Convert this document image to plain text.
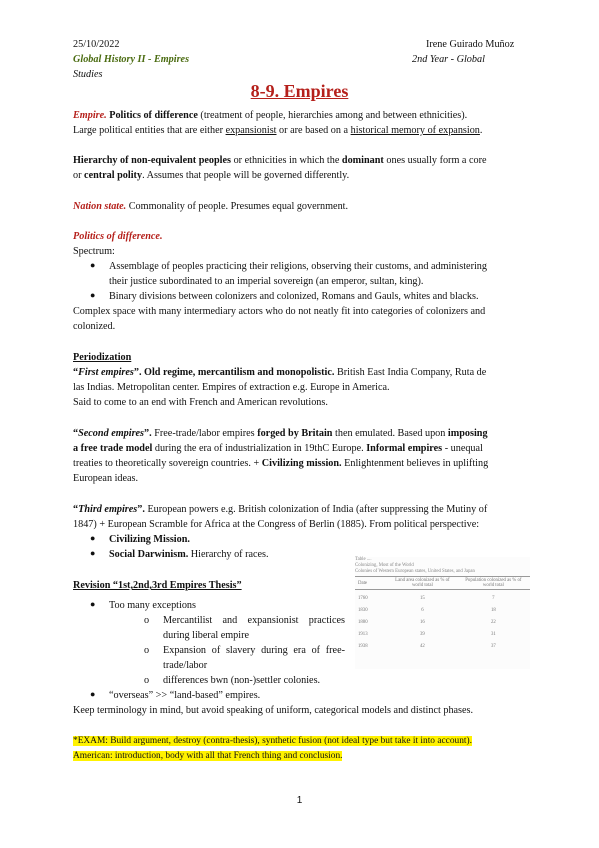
25/10/2022	Irene Guirado Muñoz
Global History II - Empires	2nd Year - Global
Studies
8-9. Empires
Empire. Politics of difference (treatment of people, hierarchies among and between ethnicities).
Large political entities that are either expansionist or are based on a historical memory of expansion.
Hierarchy of non-equivalent peoples or ethnicities in which the dominant ones usually form a core
or central polity. Assumes that people will be governed differently.
Nation state. Commonality of people. Presumes equal government.
Politics of difference.
Spectrum:
● Assemblage of peoples practicing their religions, observing their customs, and administering
their justice subordinated to an imperial sovereign (an emperor, sultan, king).
● Binary divisions between colonizers and colonized, Romans and Gauls, whites and blacks.
Complex space with many intermediary actors who do not neatly fit into categories of colonizers and
colonized.
Periodization
“First empires”. Old regime, mercantilism and monopolistic. British East India Company, Ruta de
las Indias. Metropolitan center. Empires of extraction e.g. Europe in America.
Said to come to an end with French and American revolutions.
“Second empires”. Free-trade/labor empires forged by Britain then emulated. Based upon imposing
a free trade model during the era of industrialization in 19thC Europe. Informal empires - unequal
treaties to theoretically sovereign countries. + Civilizing mission. Enlightenment believes in uplifting
European ideas.
“Third empires”. European powers e.g. British colonization of India (after suppressing the Mutiny of
1847) + European Scramble for Africa at the Congress of Berlin (1885). From political perspective:
● Civilizing Mission.
● Social Darwinism. Hierarchy of races.
Revision “1st,2nd,3rd Empires Thesis”
● Too many exceptions
o Mercantilist and expansionist practices
during liberal empire
o Expansion of slavery during era of free-
trade/labor
o differences bwn (non-)settler colonies.
● “overseas” >> “land-based” empires.
Keep terminology in mind, but avoid speaking of uniform, categorical models and distinct phases.
Table ....
Colonizing, Most of the World
Colonies of Western European states, United States, and Japan
Date	Land area colonized as % of world total	Population colonized as % of world total
1760	15	7
1830	6	18
1880	16	22
1913	39	31
1938	42	37
*EXAM: Build argument, destroy (contra-thesis), synthetic fusion (not ideal type but take it into account).
American: introduction, body with all that French thing and conclusion.
1
